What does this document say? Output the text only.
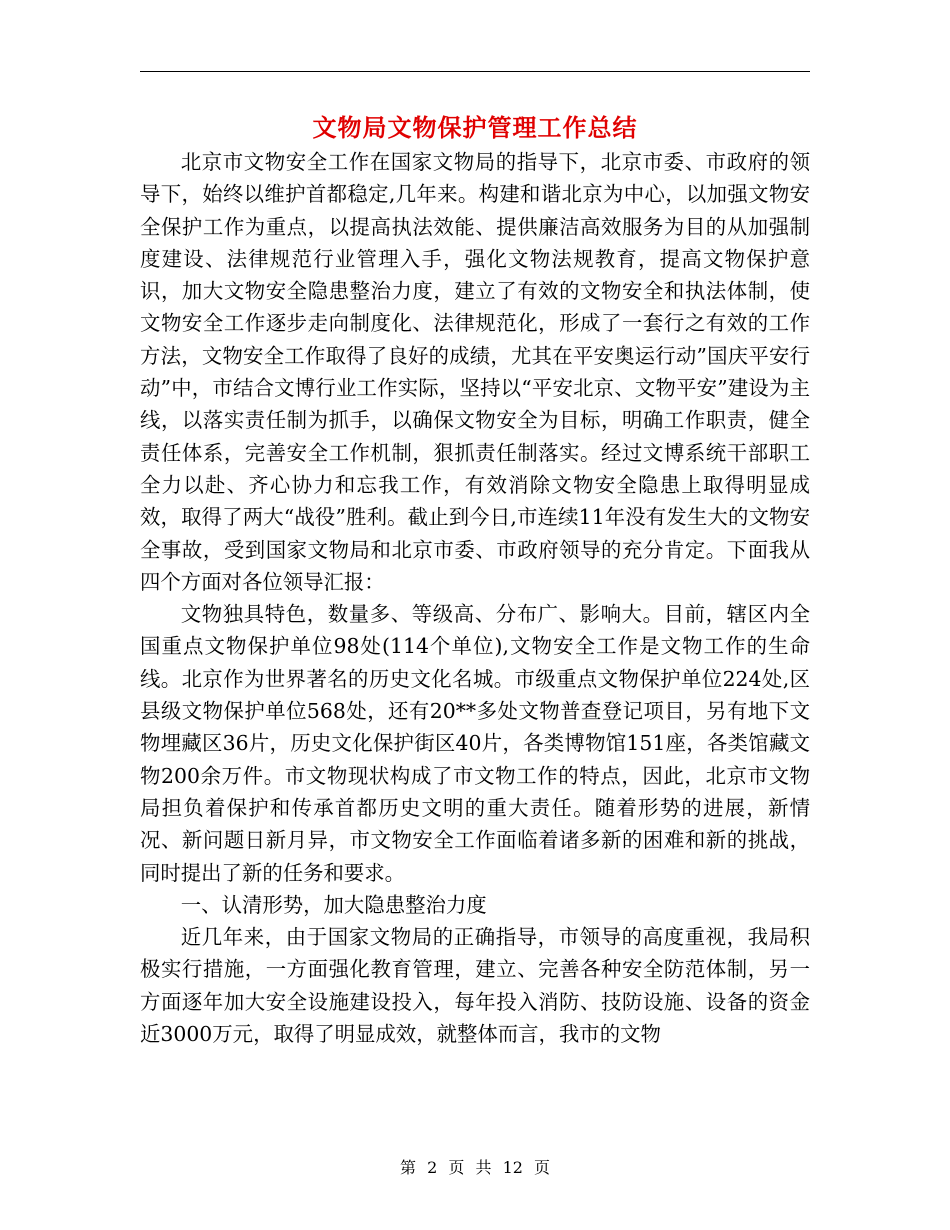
文物局文物保护管理工作总结

北京市文物安全工作在国家文物局的指导下，北京市委、市政府的领导下，始终以维护首都稳定,几年来。构建和谐北京为中心，以加强文物安全保护工作为重点，以提高执法效能、提供廉洁高效服务为目的从加强制度建设、法律规范行业管理入手，强化文物法规教育，提高文物保护意识，加大文物安全隐患整治力度，建立了有效的文物安全和执法体制，使文物安全工作逐步走向制度化、法律规范化，形成了一套行之有效的工作方法，文物安全工作取得了良好的成绩，尤其在平安奥运行动”国庆平安行动”中，市结合文博行业工作实际，坚持以“平安北京、文物平安”建设为主线，以落实责任制为抓手，以确保文物安全为目标，明确工作职责，健全责任体系，完善安全工作机制，狠抓责任制落实。经过文博系统干部职工全力以赴、齐心协力和忘我工作，有效消除文物安全隐患上取得明显成效，取得了两大“战役”胜利。截止到今日,市连续11年没有发生大的文物安全事故，受到国家文物局和北京市委、市政府领导的充分肯定。下面我从四个方面对各位领导汇报：

文物独具特色，数量多、等级高、分布广、影响大。目前，辖区内全国重点文物保护单位98处(114个单位),文物安全工作是文物工作的生命线。北京作为世界著名的历史文化名城。市级重点文物保护单位224处,区县级文物保护单位568处，还有20**多处文物普查登记项目，另有地下文物埋藏区36片，历史文化保护街区40片，各类博物馆151座，各类馆藏文物200余万件。市文物现状构成了市文物工作的特点，因此，北京市文物局担负着保护和传承首都历史文明的重大责任。随着形势的进展，新情况、新问题日新月异，市文物安全工作面临着诸多新的困难和新的挑战，同时提出了新的任务和要求。

一、认清形势，加大隐患整治力度

近几年来，由于国家文物局的正确指导，市领导的高度重视，我局积极实行措施，一方面强化教育管理，建立、完善各种安全防范体制，另一方面逐年加大安全设施建设投入，每年投入消防、技防设施、设备的资金近3000万元，取得了明显成效，就整体而言，我市的文物

第 2 页 共 12 页
